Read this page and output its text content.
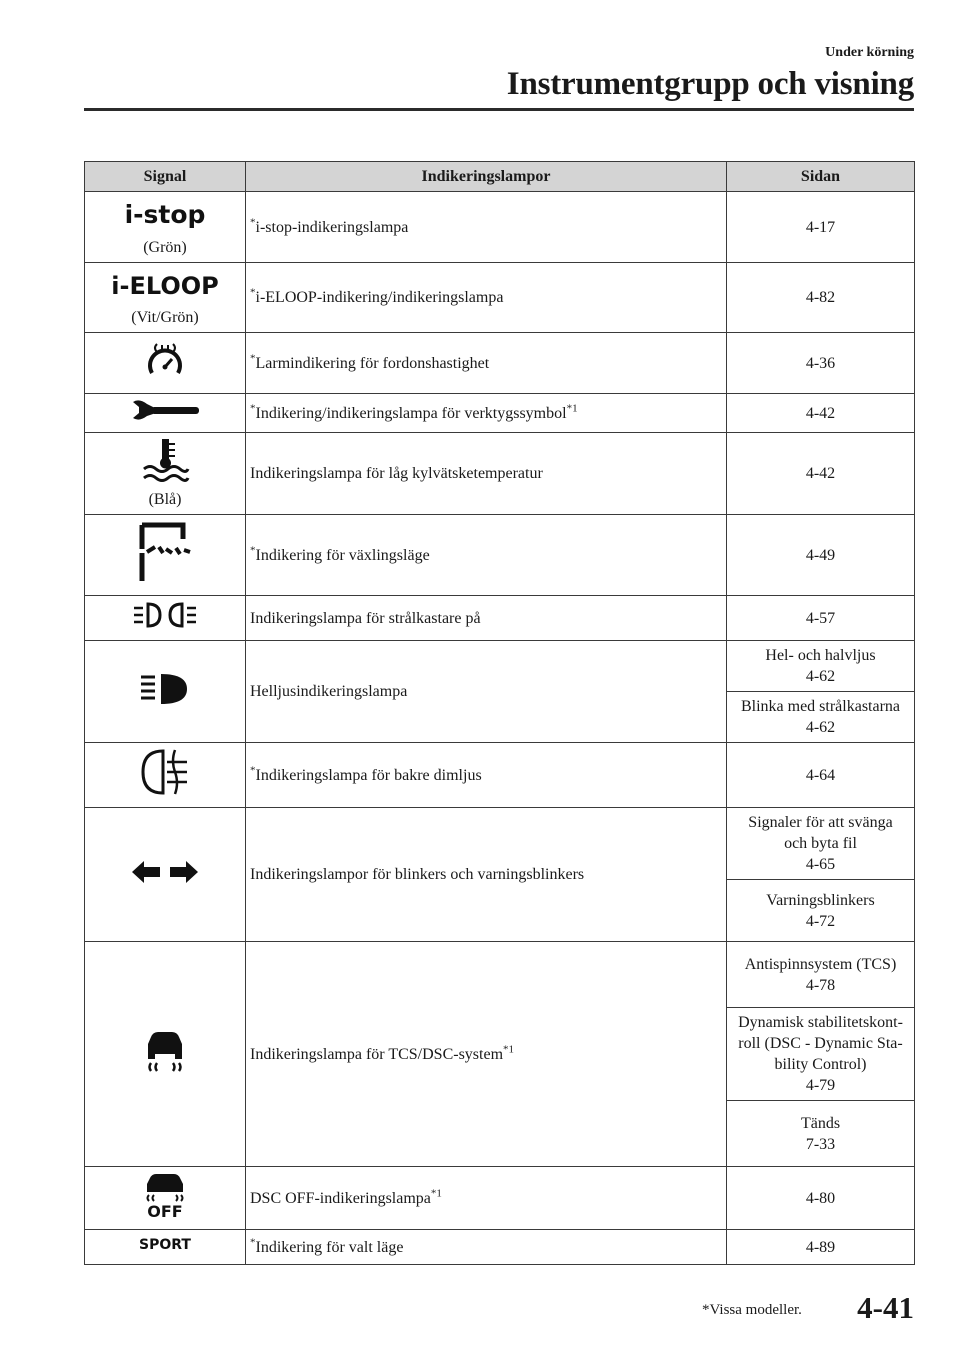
Under körning
Instrumentgrupp och visning
Signal	Indikeringslampor	Sidan

i-stop
(Grön)	*i-stop-indikeringslampa	4-17

i-ELOOP
(Vit/Grön)	*i-ELOOP-indikering/indikeringslampa	4-82
	*Larmindikering för fordonshastighet	4-36
	*Indikering/indikeringslampa för verktygssymbol$^{*1}$	4-42

(Blå)	Indikeringslampa för låg kylvätsketemperatur	4-42
	*Indikering för växlingsläge	4-49
	Indikeringslampa för strålkastare på	4-57
	Helljusindikeringslampa	Hel- och halvljus
4-62
		Blinka med strålkastarna
4-62
	*Indikeringslampa för bakre dimljus	4-64
	Indikeringslampor för blinkers och varningsblinkers	Signaler för att svänga
och byta fil
4-65
		Varningsblinkers
4-72
	Indikeringslampa för TCS/DSC-system$^{*1}$	Antispinnsystem (TCS)
4-78
		Dynamisk stabilitetskont-
roll (DSC - Dynamic Sta-
bility Control)
4-79
		Tänds
7-33

OFF	DSC OFF-indikeringslampa$^{*1}$	4-80

SPORT	*Indikering för valt läge	4-89
*Vissa modeller. 4-41
